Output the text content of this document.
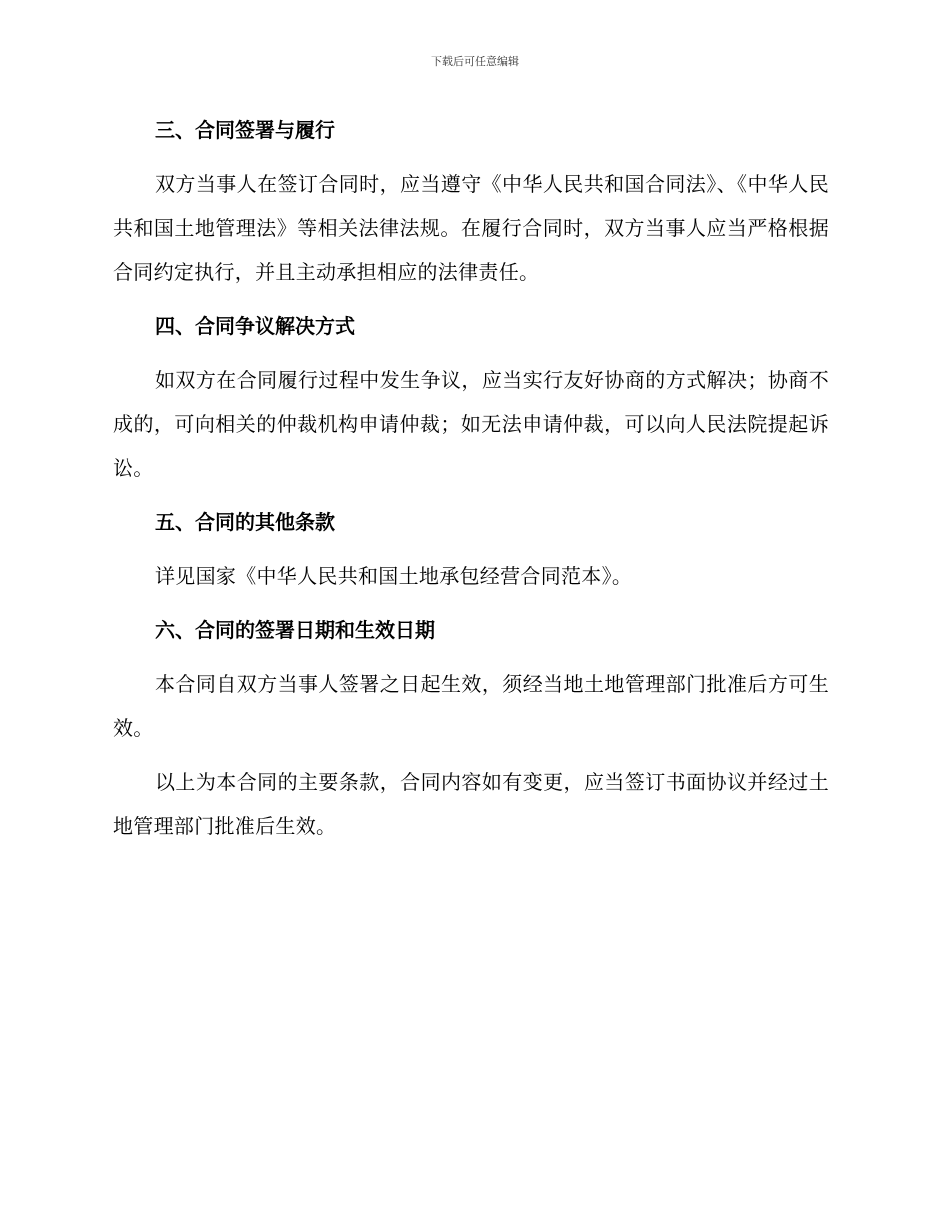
下载后可任意编辑
三、合同签署与履行
双方当事人在签订合同时，应当遵守《中华人民共和国合同法》、《中华人民共和国土地管理法》等相关法律法规。在履行合同时，双方当事人应当严格根据合同约定执行，并且主动承担相应的法律责任。
四、合同争议解决方式
如双方在合同履行过程中发生争议，应当实行友好协商的方式解决；协商不成的，可向相关的仲裁机构申请仲裁；如无法申请仲裁，可以向人民法院提起诉讼。
五、合同的其他条款
详见国家《中华人民共和国土地承包经营合同范本》。
六、合同的签署日期和生效日期
本合同自双方当事人签署之日起生效，须经当地土地管理部门批准后方可生效。
以上为本合同的主要条款，合同内容如有变更，应当签订书面协议并经过土地管理部门批准后生效。
